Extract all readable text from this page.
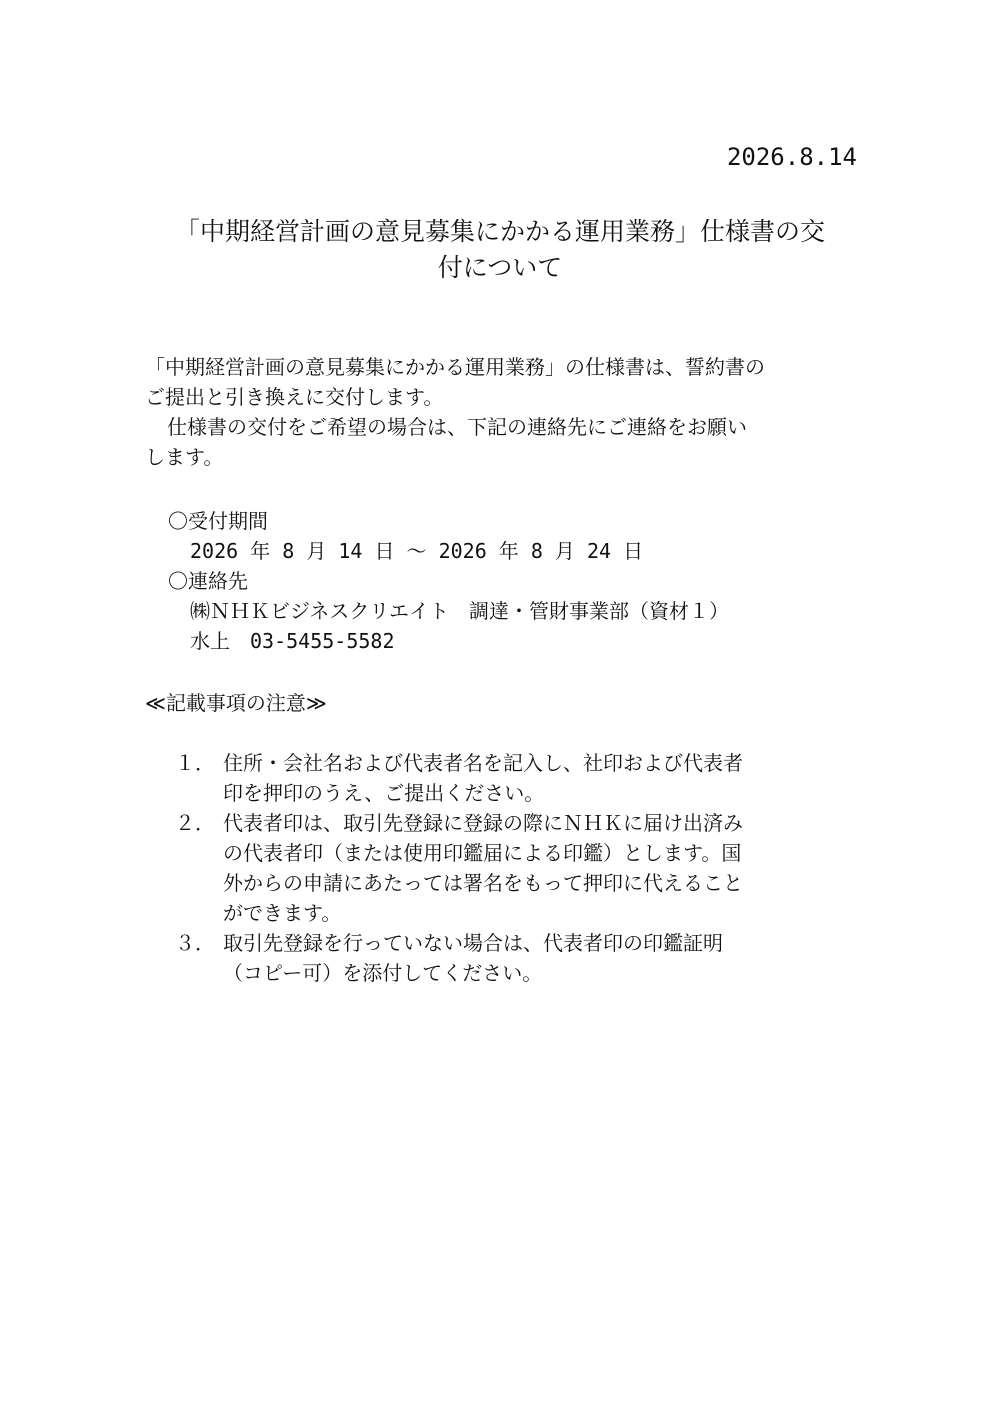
2026.8.14
「中期経営計画の意見募集にかかる運用業務」仕様書の交
付について
「中期経営計画の意見募集にかかる運用業務」の仕様書は、誓約書の
ご提出と引き換えに交付します。
仕様書の交付をご希望の場合は、下記の連絡先にご連絡をお願い
します。
〇受付期間
2026 年 8 月 14 日 ～ 2026 年 8 月 24 日
〇連絡先
㈱ＮＨＫビジネスクリエイト　調達・管財事業部（資材１）
水上　03-5455-5582
≪記載事項の注意≫
１． 住所・会社名および代表者名を記入し、社印および代表者
印を押印のうえ、ご提出ください。
２． 代表者印は、取引先登録に登録の際にＮＨＫに届け出済み
の代表者印（または使用印鑑届による印鑑）とします。国
外からの申請にあたっては署名をもって押印に代えること
ができます。
３． 取引先登録を行っていない場合は、代表者印の印鑑証明
（コピー可）を添付してください。
